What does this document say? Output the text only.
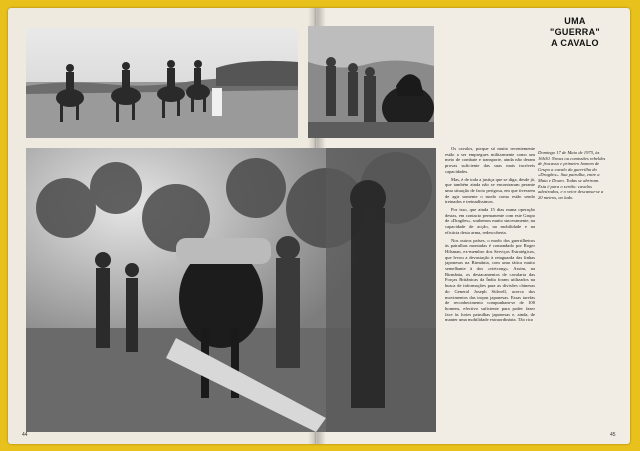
44	45
UMA "GUERRA"
A CAVALO
Domingo 17 de Maio de 1975, às 16h30. Novas ou comissões rebeldes de fracasso e primeiro homem de Grupo a cavalo da guerrilha do «Dragões». Sua patrulha, entre a Mata e Douro. Todas se abriram. Esta é para o sertão: cavalos adestrados, e o vetor descansa-se a 20 metros, ao lado.

Os cavalos, porque só muito recentemente estão a ser empregues militarmente como um meio de combate e transporte, ainda não deram provas suficiente das suas mais incríveis capacidades.

Mas, é de toda a justiça que se diga, desde já, que também ainda não se encontraram perante uma situação de facto perigosa, em que tivessem de agir somente o modo como estão sendo treinados e treinadíssimos.

Por isso, que ainda 15 dias numa operação destas, em contacto permanente com este Grupo de «Dragões», soubemos muito sinceramente, na capacidade de acção, na mobilidade e na eficácia desta arma, redescoberta.

Nos outros países, o modo dos guerrilheiros às patrulhas montadas é comandado por Roger Hilsman, ex-membro dos Serviços Estratégicos, que levou a devastação à retaguarda das linhas japonesas na Birmânia, com uma tática muito semelhante à dos «vietcong». Assim, na Birmânia, os destacamentos de cavalaria das Forças Britânicas da Índia foram utilizados na busca de informações para as divisões chinesas do General Joseph Stilwell, acerca dos movimentos das tropas japonesas. Essas tarefas de reconhecimento compunham-se de 100 homens, efectivo suficiente para poder fazer face às fortes patrulhas japonesas e, ainda, de manter uma mobilidade extraordinária. Tão rico
